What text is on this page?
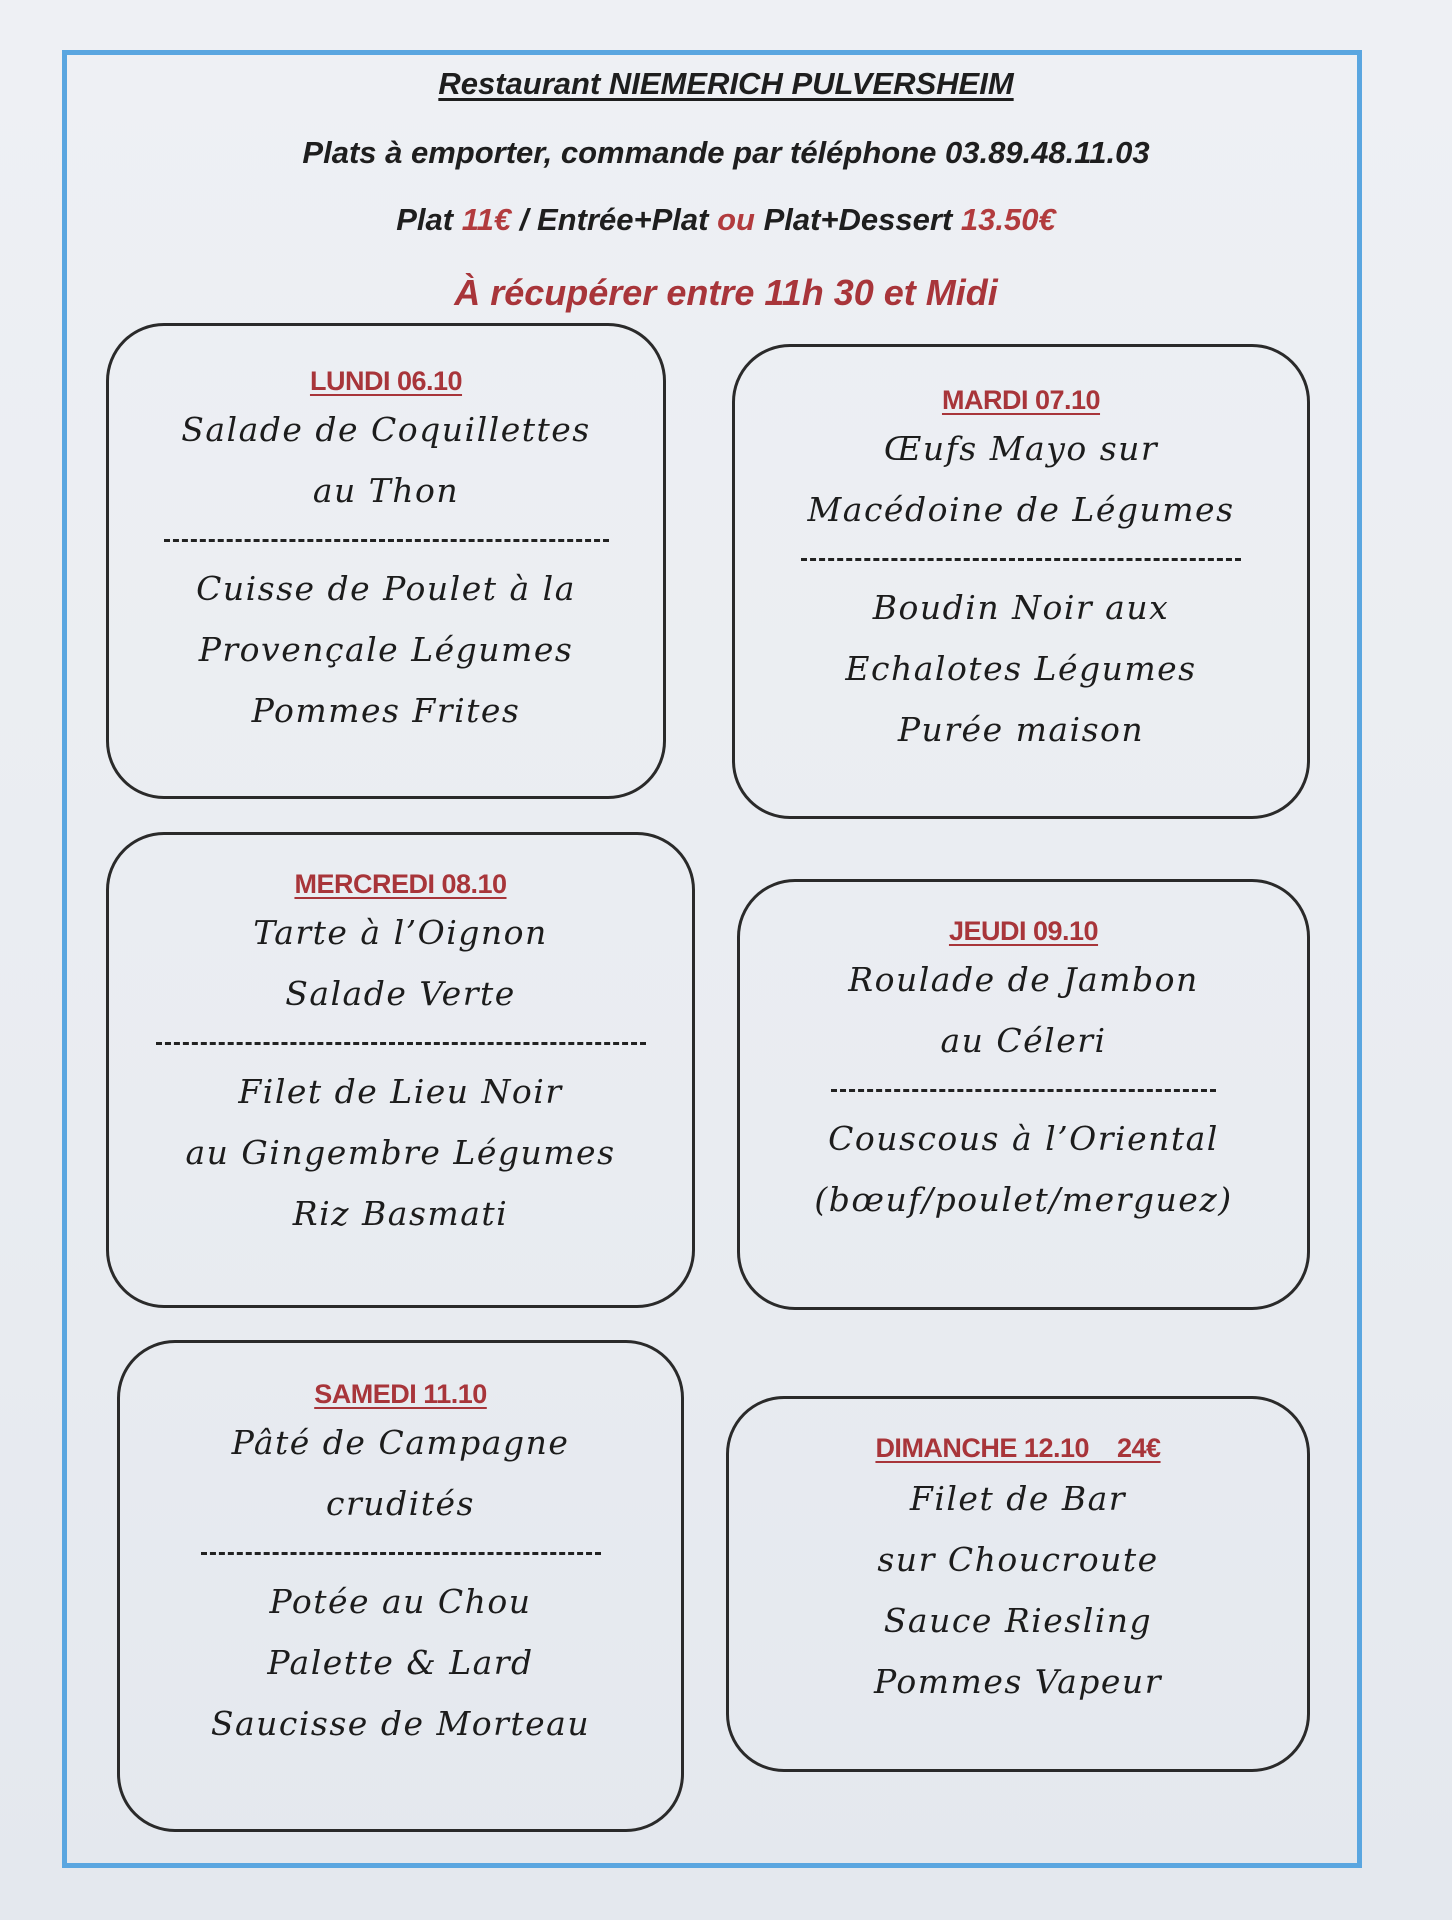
Restaurant NIEMERICH PULVERSHEIM
Plats à emporter, commande par téléphone 03.89.48.11.03
Plat 11€ / Entrée+Plat ou Plat+Dessert 13.50€
À récupérer entre 11h 30 et Midi
LUNDI 06.10
Salade de Coquillettes
au Thon
Cuisse de Poulet à la
Provençale Légumes
Pommes Frites
MARDI 07.10
Œufs Mayo sur
Macédoine de Légumes
Boudin Noir aux
Echalotes Légumes
Purée maison
MERCREDI 08.10
Tarte à l’Oignon
Salade Verte
Filet de Lieu Noir
au Gingembre Légumes
Riz Basmati
JEUDI 09.10
Roulade de Jambon
au Céleri
Couscous à l’Oriental
(bœuf/poulet/merguez)
SAMEDI 11.10
Pâté de Campagne
crudités
Potée au Chou
Palette & Lard
Saucisse de Morteau
DIMANCHE 12.10    24€
Filet de Bar
sur Choucroute
Sauce Riesling
Pommes Vapeur
